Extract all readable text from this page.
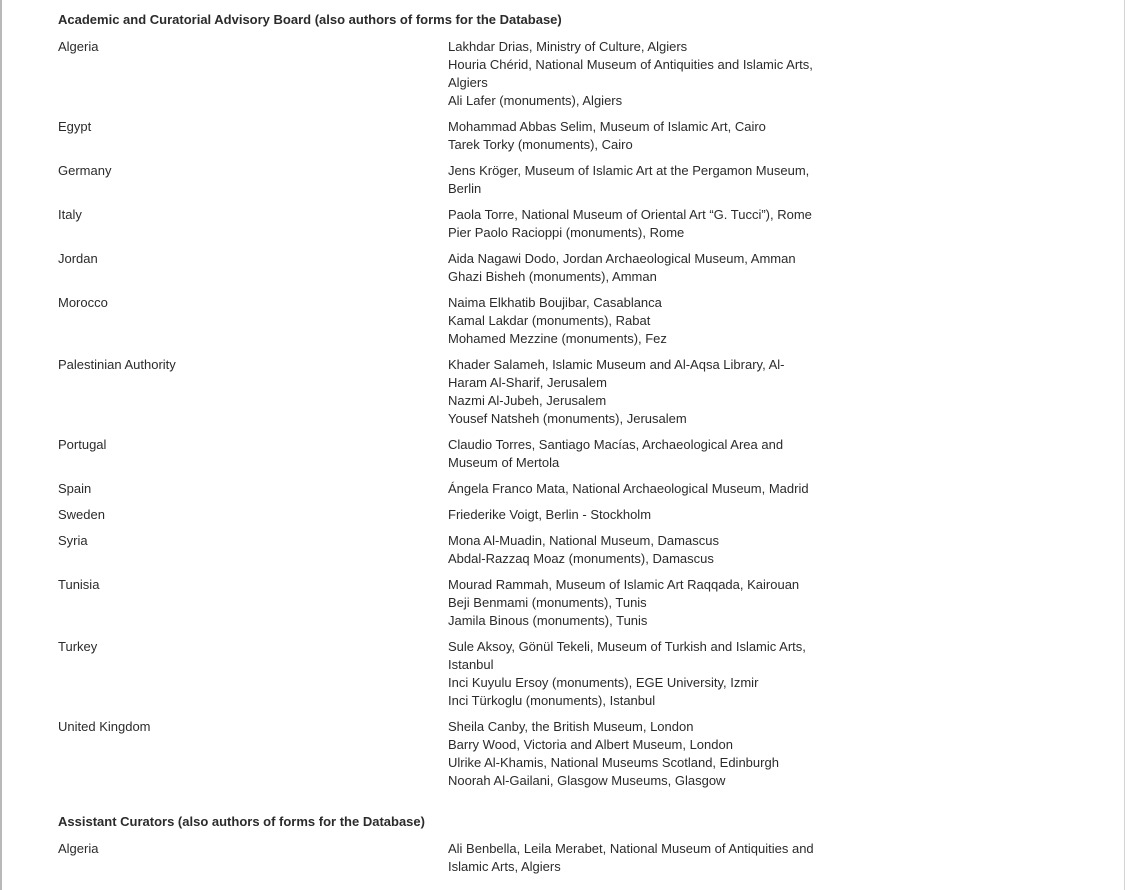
Academic and Curatorial Advisory Board (also authors of forms for the Database)
Algeria	Lakhdar Drias, Ministry of Culture, Algiers
Houria Chérid, National Museum of Antiquities and Islamic Arts, Algiers
Ali Lafer (monuments), Algiers
Egypt	Mohammad Abbas Selim, Museum of Islamic Art, Cairo
Tarek Torky (monuments), Cairo
Germany	Jens Kröger, Museum of Islamic Art at the Pergamon Museum, Berlin
Italy	Paola Torre, National Museum of Oriental Art “G. Tucci”), Rome
Pier Paolo Racioppi (monuments), Rome
Jordan	Aida Nagawi Dodo, Jordan Archaeological Museum, Amman
Ghazi Bisheh (monuments), Amman
Morocco	Naima Elkhatib Boujibar, Casablanca
Kamal Lakdar (monuments), Rabat
Mohamed Mezzine (monuments), Fez
Palestinian Authority	Khader Salameh, Islamic Museum and Al-Aqsa Library, Al-Haram Al-Sharif, Jerusalem
Nazmi Al-Jubeh, Jerusalem
Yousef Natsheh (monuments), Jerusalem
Portugal	Claudio Torres, Santiago Macías, Archaeological Area and Museum of Mertola
Spain	Ángela Franco Mata, National Archaeological Museum, Madrid
Sweden	Friederike Voigt, Berlin - Stockholm
Syria	Mona Al-Muadin, National Museum, Damascus
Abdal-Razzaq Moaz (monuments), Damascus
Tunisia	Mourad Rammah, Museum of Islamic Art Raqqada, Kairouan
Beji Benmami (monuments), Tunis
Jamila Binous (monuments), Tunis
Turkey	Sule Aksoy, Gönül Tekeli, Museum of Turkish and Islamic Arts, Istanbul
Inci Kuyulu Ersoy (monuments), EGE University, Izmir
Inci Türkoglu (monuments), Istanbul
United Kingdom	Sheila Canby, the British Museum, London
Barry Wood, Victoria and Albert Museum, London
Ulrike Al-Khamis, National Museums Scotland, Edinburgh
Noorah Al-Gailani, Glasgow Museums, Glasgow
Assistant Curators (also authors of forms for the Database)
Algeria	Ali Benbella, Leila Merabet, National Museum of Antiquities and Islamic Arts, Algiers
